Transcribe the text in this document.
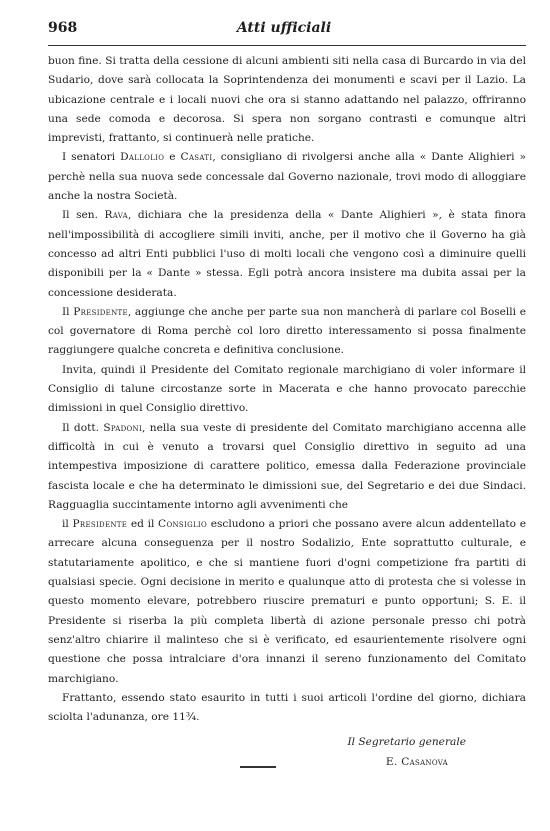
968	Atti ufficiali

buon fine. Si tratta della cessione di alcuni ambienti siti nella casa di Burcardo in via del Sudario, dove sarà collocata la Soprintendenza dei monumenti e scavi per il Lazio. La ubicazione centrale e i locali nuovi che ora si stanno adattando nel palazzo, offriranno una sede comoda e decorosa. Si spera non sorgano contrasti e comunque altri imprevisti, frattanto, si continuerà nelle pratiche.

I senatori Dallolio e Casati, consigliano di rivolgersi anche alla « Dante Alighieri » perchè nella sua nuova sede concessale dal Governo nazionale, trovi modo di alloggiare anche la nostra Società.

Il sen. Rava, dichiara che la presidenza della « Dante Alighieri », è stata finora nell'impossibilità di accogliere simili inviti, anche, per il motivo che il Governo ha già concesso ad altri Enti pubblici l'uso di molti locali che vengono così a diminuire quelli disponibili per la « Dante » stessa. Egli potrà ancora insistere ma dubita assai per la concessione desiderata.

Il Presidente, aggiunge che anche per parte sua non mancherà di parlare col Boselli e col governatore di Roma perchè col loro diretto interessamento si possa finalmente raggiungere qualche concreta e definitiva conclusione.

Invita, quindi il Presidente del Comitato regionale marchigiano di voler informare il Consiglio di talune circostanze sorte in Macerata e che hanno provocato parecchie dimissioni in quel Consiglio direttivo.

Il dott. Spadoni, nella sua veste di presidente del Comitato marchigiano accenna alle difficoltà in cui è venuto a trovarsi quel Consiglio direttivo in seguito ad una intempestiva imposizione di carattere politico, emessa dalla Federazione provinciale fascista locale e che ha determinato le dimissioni sue, del Segretario e dei due Sindaci. Ragguaglia succintamente intorno agli avvenimenti che

il Presidente ed il Consiglio escludono a priori che possano avere alcun addentellato e arrecare alcuna conseguenza per il nostro Sodalizio, Ente soprattutto culturale, e statutariamente apolitico, e che si mantiene fuori d'ogni competizione fra partiti di qualsiasi specie. Ogni decisione in merito e qualunque atto di protesta che si volesse in questo momento elevare, potrebbero riuscire prematuri e punto opportuni; S. E. il Presidente si riserba la più completa libertà di azione personale presso chi potrà senz'altro chiarire il malinteso che si è verificato, ed esaurientemente risolvere ogni questione che possa intralciare d'ora innanzi il sereno funzionamento del Comitato marchigiano.

Frattanto, essendo stato esaurito in tutti i suoi articoli l'ordine del giorno, dichiara sciolta l'adunanza, ore 11¾.

Il Segretario generale
E. Casanova
